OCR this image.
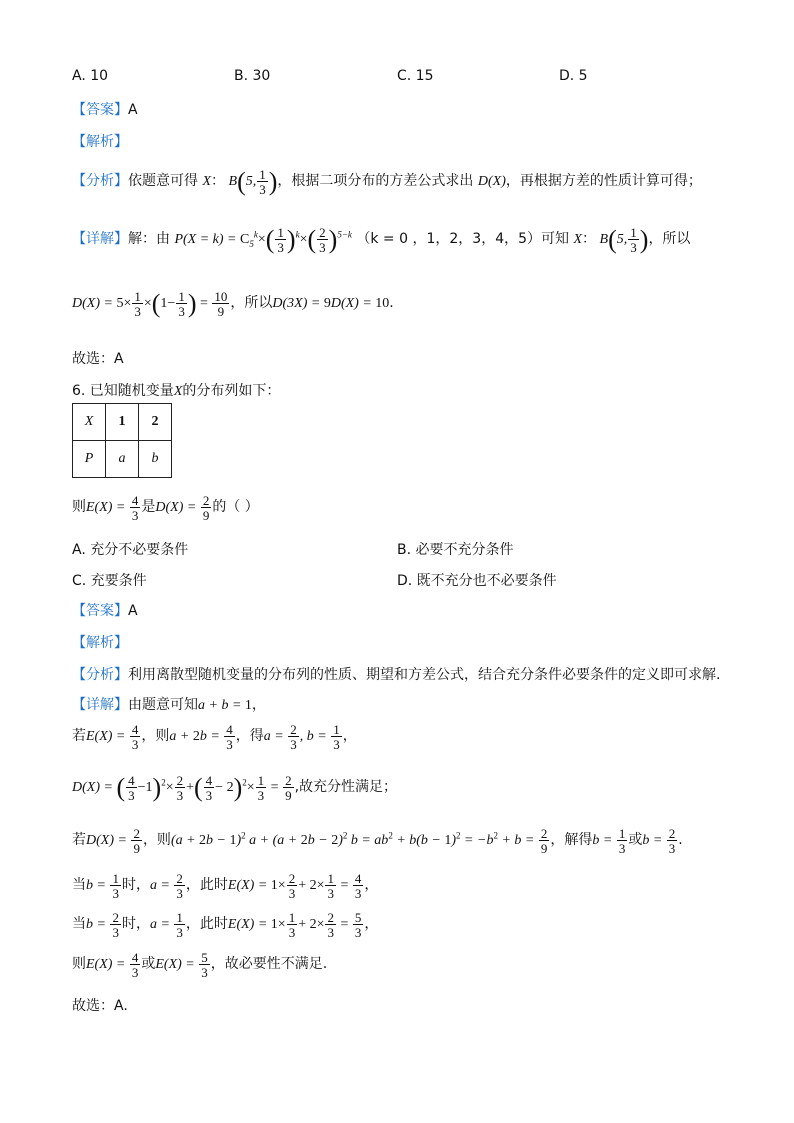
A. 10	B. 30	C. 15	D. 5
【答案】A
【解析】
【分析】依题意可得 X： B(5, $\frac{1}{3}$ )，根据二项分布的方差公式求出 D(X)，再根据方差的性质计算可得；
【详解】解：由 $P(X = k) = C_5^k\times( \frac{1}{3} )^k\times( \frac{2}{3} )^{5-k}$ （k = 0 ，1，2，3，4，5）可知 X： B(5, $\frac{1}{3}$ )，所以
$D(X) = 5\times \frac{1}{3} \times(1- \frac{1}{3}$ ) = $\frac{10}{9}$ ，所以D(3X) = 9D(X) = 10.
故选：A
6. 已知随机变量X的分布列如下：
X	1	2
P	a	b
则$E(X) = \frac{4}{3}$ 是$D(X) = \frac{2}{9}$ 的（ ）
A. 充分不必要条件	B. 必要不充分条件
C. 充要条件	D. 既不充分也不必要条件
【答案】A
【解析】
【分析】利用离散型随机变量的分布列的性质、期望和方差公式，结合充分条件必要条件的定义即可求解.
【详解】由题意可知a + b = 1，
若$E(X) = \frac{4}{3}$ ，则$a + 2b = \frac{4}{3}$ ，得$a = \frac{2}{3}$ , $b = \frac{1}{3}$ ，
D(X) = ( $\frac{4}{3} -1)^2\times \frac{2}{3}$ +( $\frac{4}{3} - 2)^2\times \frac{1}{3} = \frac{2}{9}$ ,故充分性满足；
若$D(X) = \frac{2}{9}$ ，则$(a + 2b - 1)^2$ $a + (a + 2b - 2)^2$ $b = ab^2 + b(b - 1)^2 = -b^2 + b = \frac{2}{9}$ ，解得$b = \frac{1}{3}$ 或$b = \frac{2}{3}$ .
当$b = \frac{1}{3}$ 时，$a = \frac{2}{3}$ ，此时$E(X) = 1\times \frac{2}{3} + 2\times \frac{1}{3} = \frac{4}{3}$ ，
当$b = \frac{2}{3}$ 时，$a = \frac{1}{3}$ ，此时$E(X) = 1\times \frac{1}{3} + 2\times \frac{2}{3} = \frac{5}{3}$ ，
则$E(X) = \frac{4}{3}$ 或$E(X) = \frac{5}{3}$ ，故必要性不满足.
故选：A.
